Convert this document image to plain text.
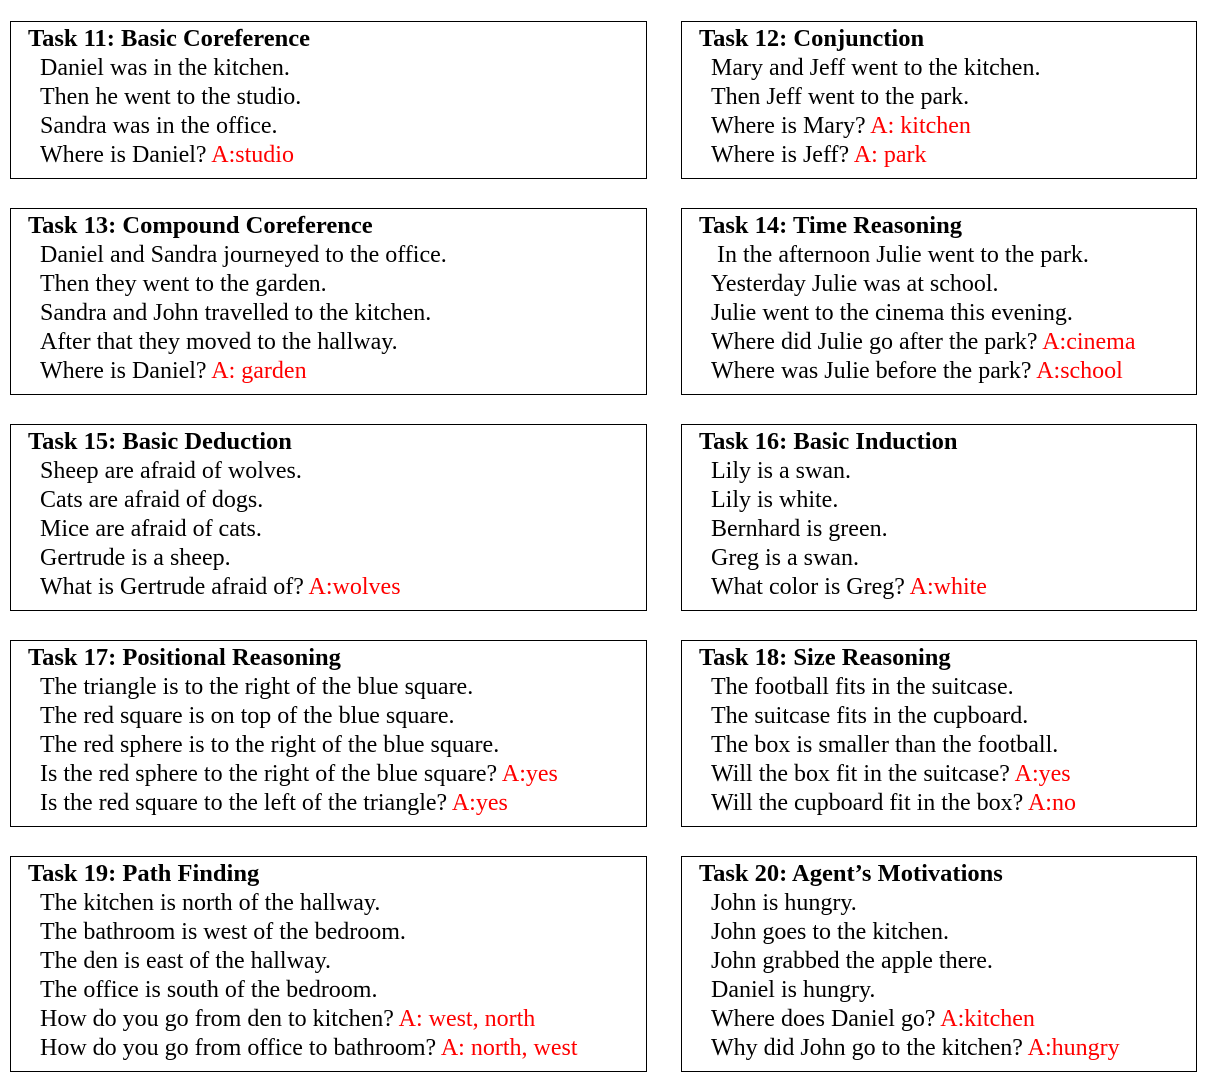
Task 11: Basic Coreference
Daniel was in the kitchen.
Then he went to the studio.
Sandra was in the office.
Where is Daniel? A:studio
Task 12: Conjunction
Mary and Jeff went to the kitchen.
Then Jeff went to the park.
Where is Mary? A: kitchen
Where is Jeff? A: park
Task 13: Compound Coreference
Daniel and Sandra journeyed to the office.
Then they went to the garden.
Sandra and John travelled to the kitchen.
After that they moved to the hallway.
Where is Daniel? A: garden
Task 14: Time Reasoning
In the afternoon Julie went to the park.
Yesterday Julie was at school.
Julie went to the cinema this evening.
Where did Julie go after the park? A:cinema
Where was Julie before the park? A:school
Task 15: Basic Deduction
Sheep are afraid of wolves.
Cats are afraid of dogs.
Mice are afraid of cats.
Gertrude is a sheep.
What is Gertrude afraid of? A:wolves
Task 16: Basic Induction
Lily is a swan.
Lily is white.
Bernhard is green.
Greg is a swan.
What color is Greg? A:white
Task 17: Positional Reasoning
The triangle is to the right of the blue square.
The red square is on top of the blue square.
The red sphere is to the right of the blue square.
Is the red sphere to the right of the blue square? A:yes
Is the red square to the left of the triangle? A:yes
Task 18: Size Reasoning
The football fits in the suitcase.
The suitcase fits in the cupboard.
The box is smaller than the football.
Will the box fit in the suitcase? A:yes
Will the cupboard fit in the box? A:no
Task 19: Path Finding
The kitchen is north of the hallway.
The bathroom is west of the bedroom.
The den is east of the hallway.
The office is south of the bedroom.
How do you go from den to kitchen? A: west, north
How do you go from office to bathroom? A: north, west
Task 20: Agent’s Motivations
John is hungry.
John goes to the kitchen.
John grabbed the apple there.
Daniel is hungry.
Where does Daniel go? A:kitchen
Why did John go to the kitchen? A:hungry
